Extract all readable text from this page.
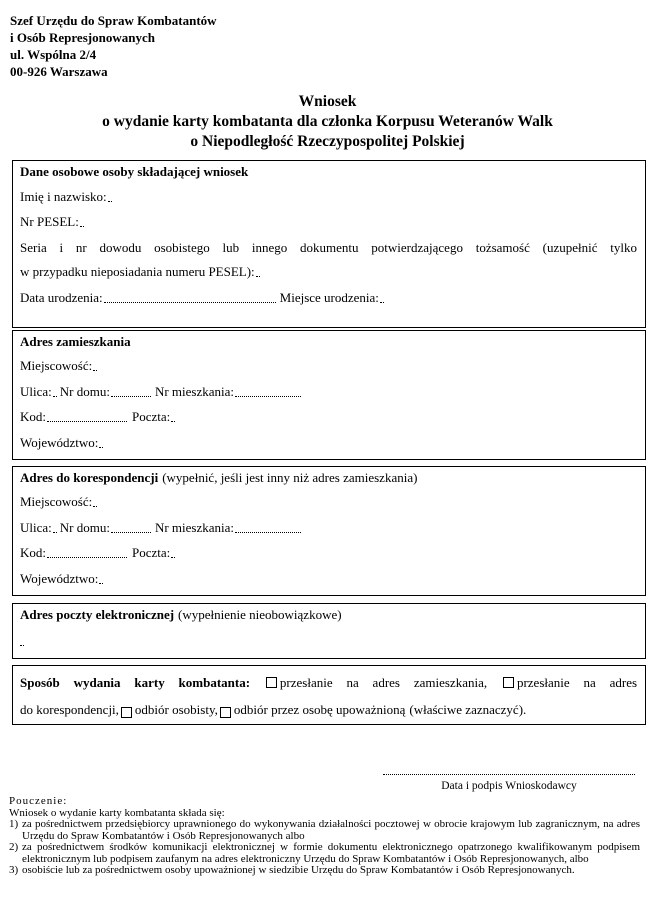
Szef Urzędu do Spraw Kombatantów
i Osób Represjonowanych
ul. Wspólna 2/4
00-926 Warszawa
Wniosek
o wydanie karty kombatanta dla członka Korpusu Weteranów Walk
o Niepodległość Rzeczypospolitej Polskiej
Dane osobowe osoby składającej wniosek
Imię i nazwisko:
Nr PESEL:
Seria i nr dowodu osobistego lub innego dokumentu potwierdzającego tożsamość (uzupełnić tylko
w przypadku nieposiadania numeru PESEL):
Data urodzenia:	Miejsce urodzenia:
Adres zamieszkania
Miejscowość:
Ulica: Nr domu:	Nr mieszkania:
Kod:	Poczta:
Województwo:
Adres do korespondencji (wypełnić, jeśli jest inny niż adres zamieszkania)
Miejscowość:
Ulica: Nr domu:	Nr mieszkania:
Kod:	Poczta:
Województwo:
Adres poczty elektronicznej (wypełnienie nieobowiązkowe)
Sposób wydania karty kombatanta: przesłanie na adres zamieszkania, przesłanie na adres
do korespondencji, odbiór osobisty, odbiór przez osobę upoważnioną (właściwe zaznaczyć).
Data i podpis Wnioskodawcy
Pouczenie:
Wniosek o wydanie karty kombatanta składa się:
1) za pośrednictwem przedsiębiorcy uprawnionego do wykonywania działalności pocztowej w obrocie krajowym lub zagranicznym, na adres Urzędu do Spraw Kombatantów i Osób Represjonowanych albo
2) za pośrednictwem środków komunikacji elektronicznej w formie dokumentu elektronicznego opatrzonego kwalifikowanym podpisem elektronicznym lub podpisem zaufanym na adres elektroniczny Urzędu do Spraw Kombatantów i Osób Represjonowanych, albo
3) osobiście lub za pośrednictwem osoby upoważnionej w siedzibie Urzędu do Spraw Kombatantów i Osób Represjonowanych.
